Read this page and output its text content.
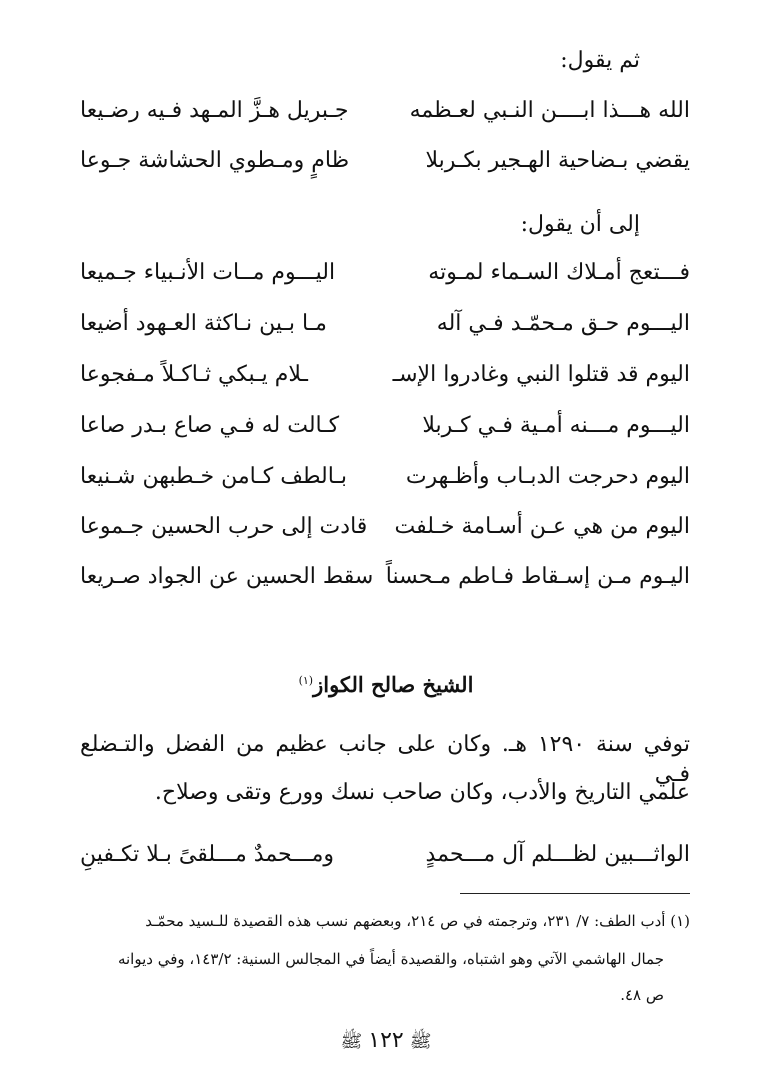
ثم يقول:
الله هـــذا ابــــن النـبي لعـظمه
جـبريل هـزَّ المـهد فـيه رضـيعا
يقضي بـضاحية الهـجير بكـربلا
ظامٍ ومـطوي الحشاشة جـوعا
إلى أن يقول:
فـــتعج أمـلاك السـماء لمـوته
اليـــوم مــات الأنـبياء جـميعا
اليـــوم حـق مـحمّـد فـي آله
مـا بـين نـاكثة العـهود أضيعا
اليوم قد قتلوا النبي وغادروا الإسـ
ـلام يـبكي ثـاكـلاً مـفجوعا
اليـــوم مـــنه أمـية فـي كـربلا
كـالت له فـي صاع بـدر صاعا
اليوم دحرجت الدبـاب وأظـهرت
بـالطف كـامن خـطبهن شـنيعا
اليوم من هي عـن أسـامة خـلفت
قادت إلى حرب الحسين جـموعا
اليـوم مـن إسـقاط فـاطم مـحسناً
سقط الحسين عن الجواد صـريعا
الشيخ صالح الكواز$^{(١)}$
توفي سنة ١٢٩٠ هـ. وكان على جانب عظيم من الفضل والتـضلع فـي
علمي التاريخ والأدب، وكان صاحب نسك وورع وتقى وصلاح.
الواثـــبين لظـــلم آل مـــحمدٍ
ومـــحمدٌ مـــلقىً بـلا تكـفينِ
(١) أدب الطف: ٧/ ٢٣١، وترجمته في ص ٢١٤، وبعضهم نسب هذه القصيدة للـسيد محمّـد
جمال الهاشمي الآتي وهو اشتباه، والقصيدة أيضاً في المجالس السنية: ١٤٣/٢، وفي ديوانه
ص ٤٨.
ﷺ١٢٢ﷺ
